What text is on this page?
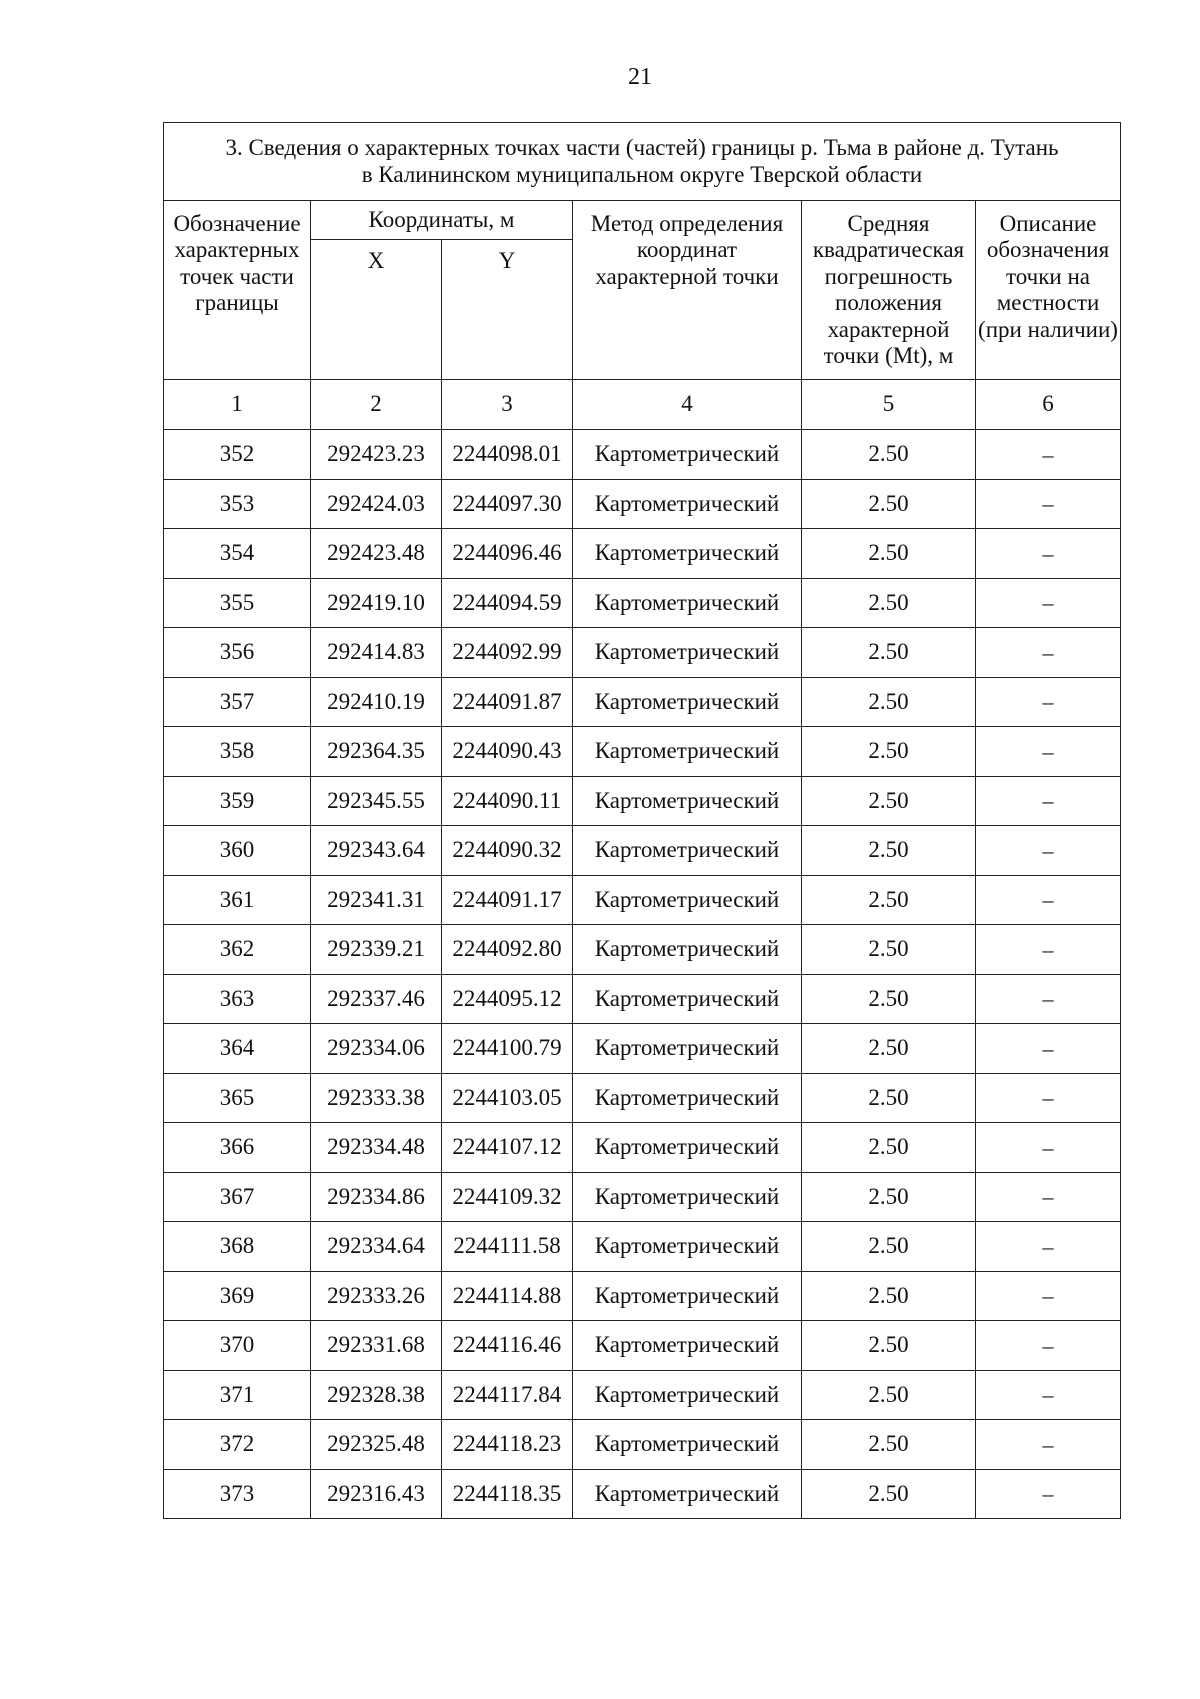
21
3. Сведения о характерных точках части (частей) границы р. Тьма в районе д. Тутань
в Калининском муниципальном округе Тверской области					
Обозначение характерных точек части границы	Координаты, м		Метод определения координат характерной точки	Средняя квадратическая погрешность положения характерной точки (Mt), м	Описание обозначения точки на местности (при наличии)
	X	Y			
1	2	3	4	5	6
352	292423.23	2244098.01	Картометрический	2.50	–
353	292424.03	2244097.30	Картометрический	2.50	–
354	292423.48	2244096.46	Картометрический	2.50	–
355	292419.10	2244094.59	Картометрический	2.50	–
356	292414.83	2244092.99	Картометрический	2.50	–
357	292410.19	2244091.87	Картометрический	2.50	–
358	292364.35	2244090.43	Картометрический	2.50	–
359	292345.55	2244090.11	Картометрический	2.50	–
360	292343.64	2244090.32	Картометрический	2.50	–
361	292341.31	2244091.17	Картометрический	2.50	–
362	292339.21	2244092.80	Картометрический	2.50	–
363	292337.46	2244095.12	Картометрический	2.50	–
364	292334.06	2244100.79	Картометрический	2.50	–
365	292333.38	2244103.05	Картометрический	2.50	–
366	292334.48	2244107.12	Картометрический	2.50	–
367	292334.86	2244109.32	Картометрический	2.50	–
368	292334.64	2244111.58	Картометрический	2.50	–
369	292333.26	2244114.88	Картометрический	2.50	–
370	292331.68	2244116.46	Картометрический	2.50	–
371	292328.38	2244117.84	Картометрический	2.50	–
372	292325.48	2244118.23	Картометрический	2.50	–
373	292316.43	2244118.35	Картометрический	2.50	–
